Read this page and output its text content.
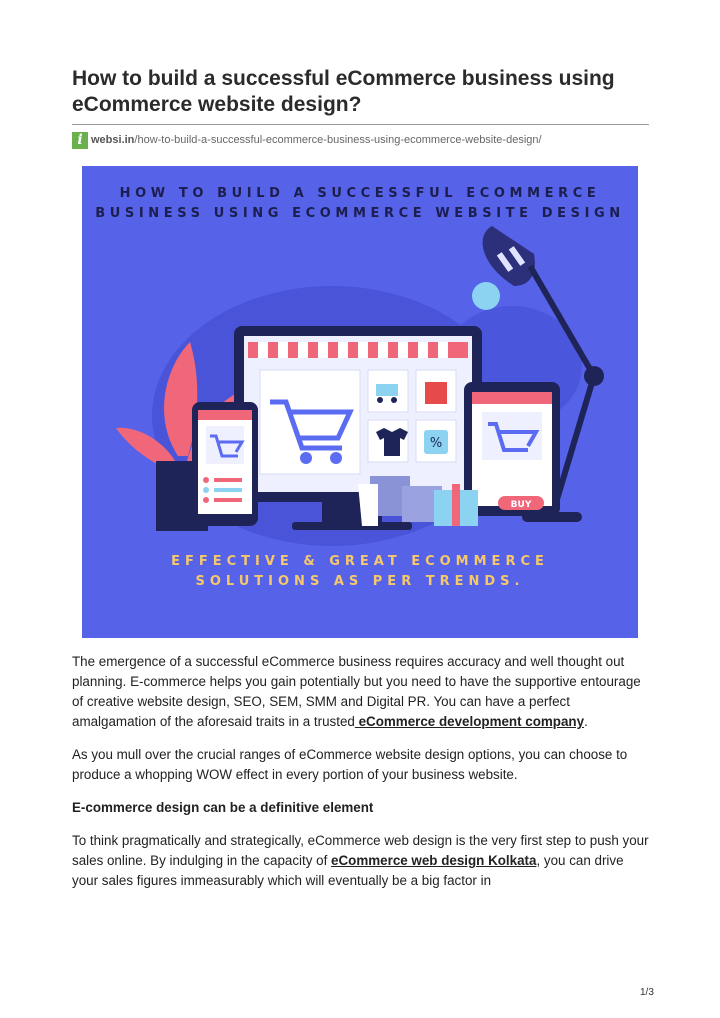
How to build a successful eCommerce business using eCommerce website design?
i websi.in /how-to-build-a-successful-ecommerce-business-using-ecommerce-website-design/
%
BUY

HOW TO BUILD A SUCCESSFUL ECOMMERCE
BUSINESS USING ECOMMERCE WEBSITE DESIGN

EFFECTIVE & GREAT ECOMMERCE
SOLUTIONS AS PER TRENDS.

The emergence of a successful eCommerce business requires accuracy and well thought out planning. E-commerce helps you gain potentially but you need to have the supportive entourage of creative website design, SEO, SEM, SMM and Digital PR. You can have a perfect amalgamation of the aforesaid traits in a trusted eCommerce development company.

As you mull over the crucial ranges of eCommerce website design options, you can choose to produce a whopping WOW effect in every portion of your business website.

E-commerce design can be a definitive element

To think pragmatically and strategically, eCommerce web design is the very first step to push your sales online. By indulging in the capacity of eCommerce web design Kolkata, you can drive your sales figures immeasurably which will eventually be a big factor in

1/3
